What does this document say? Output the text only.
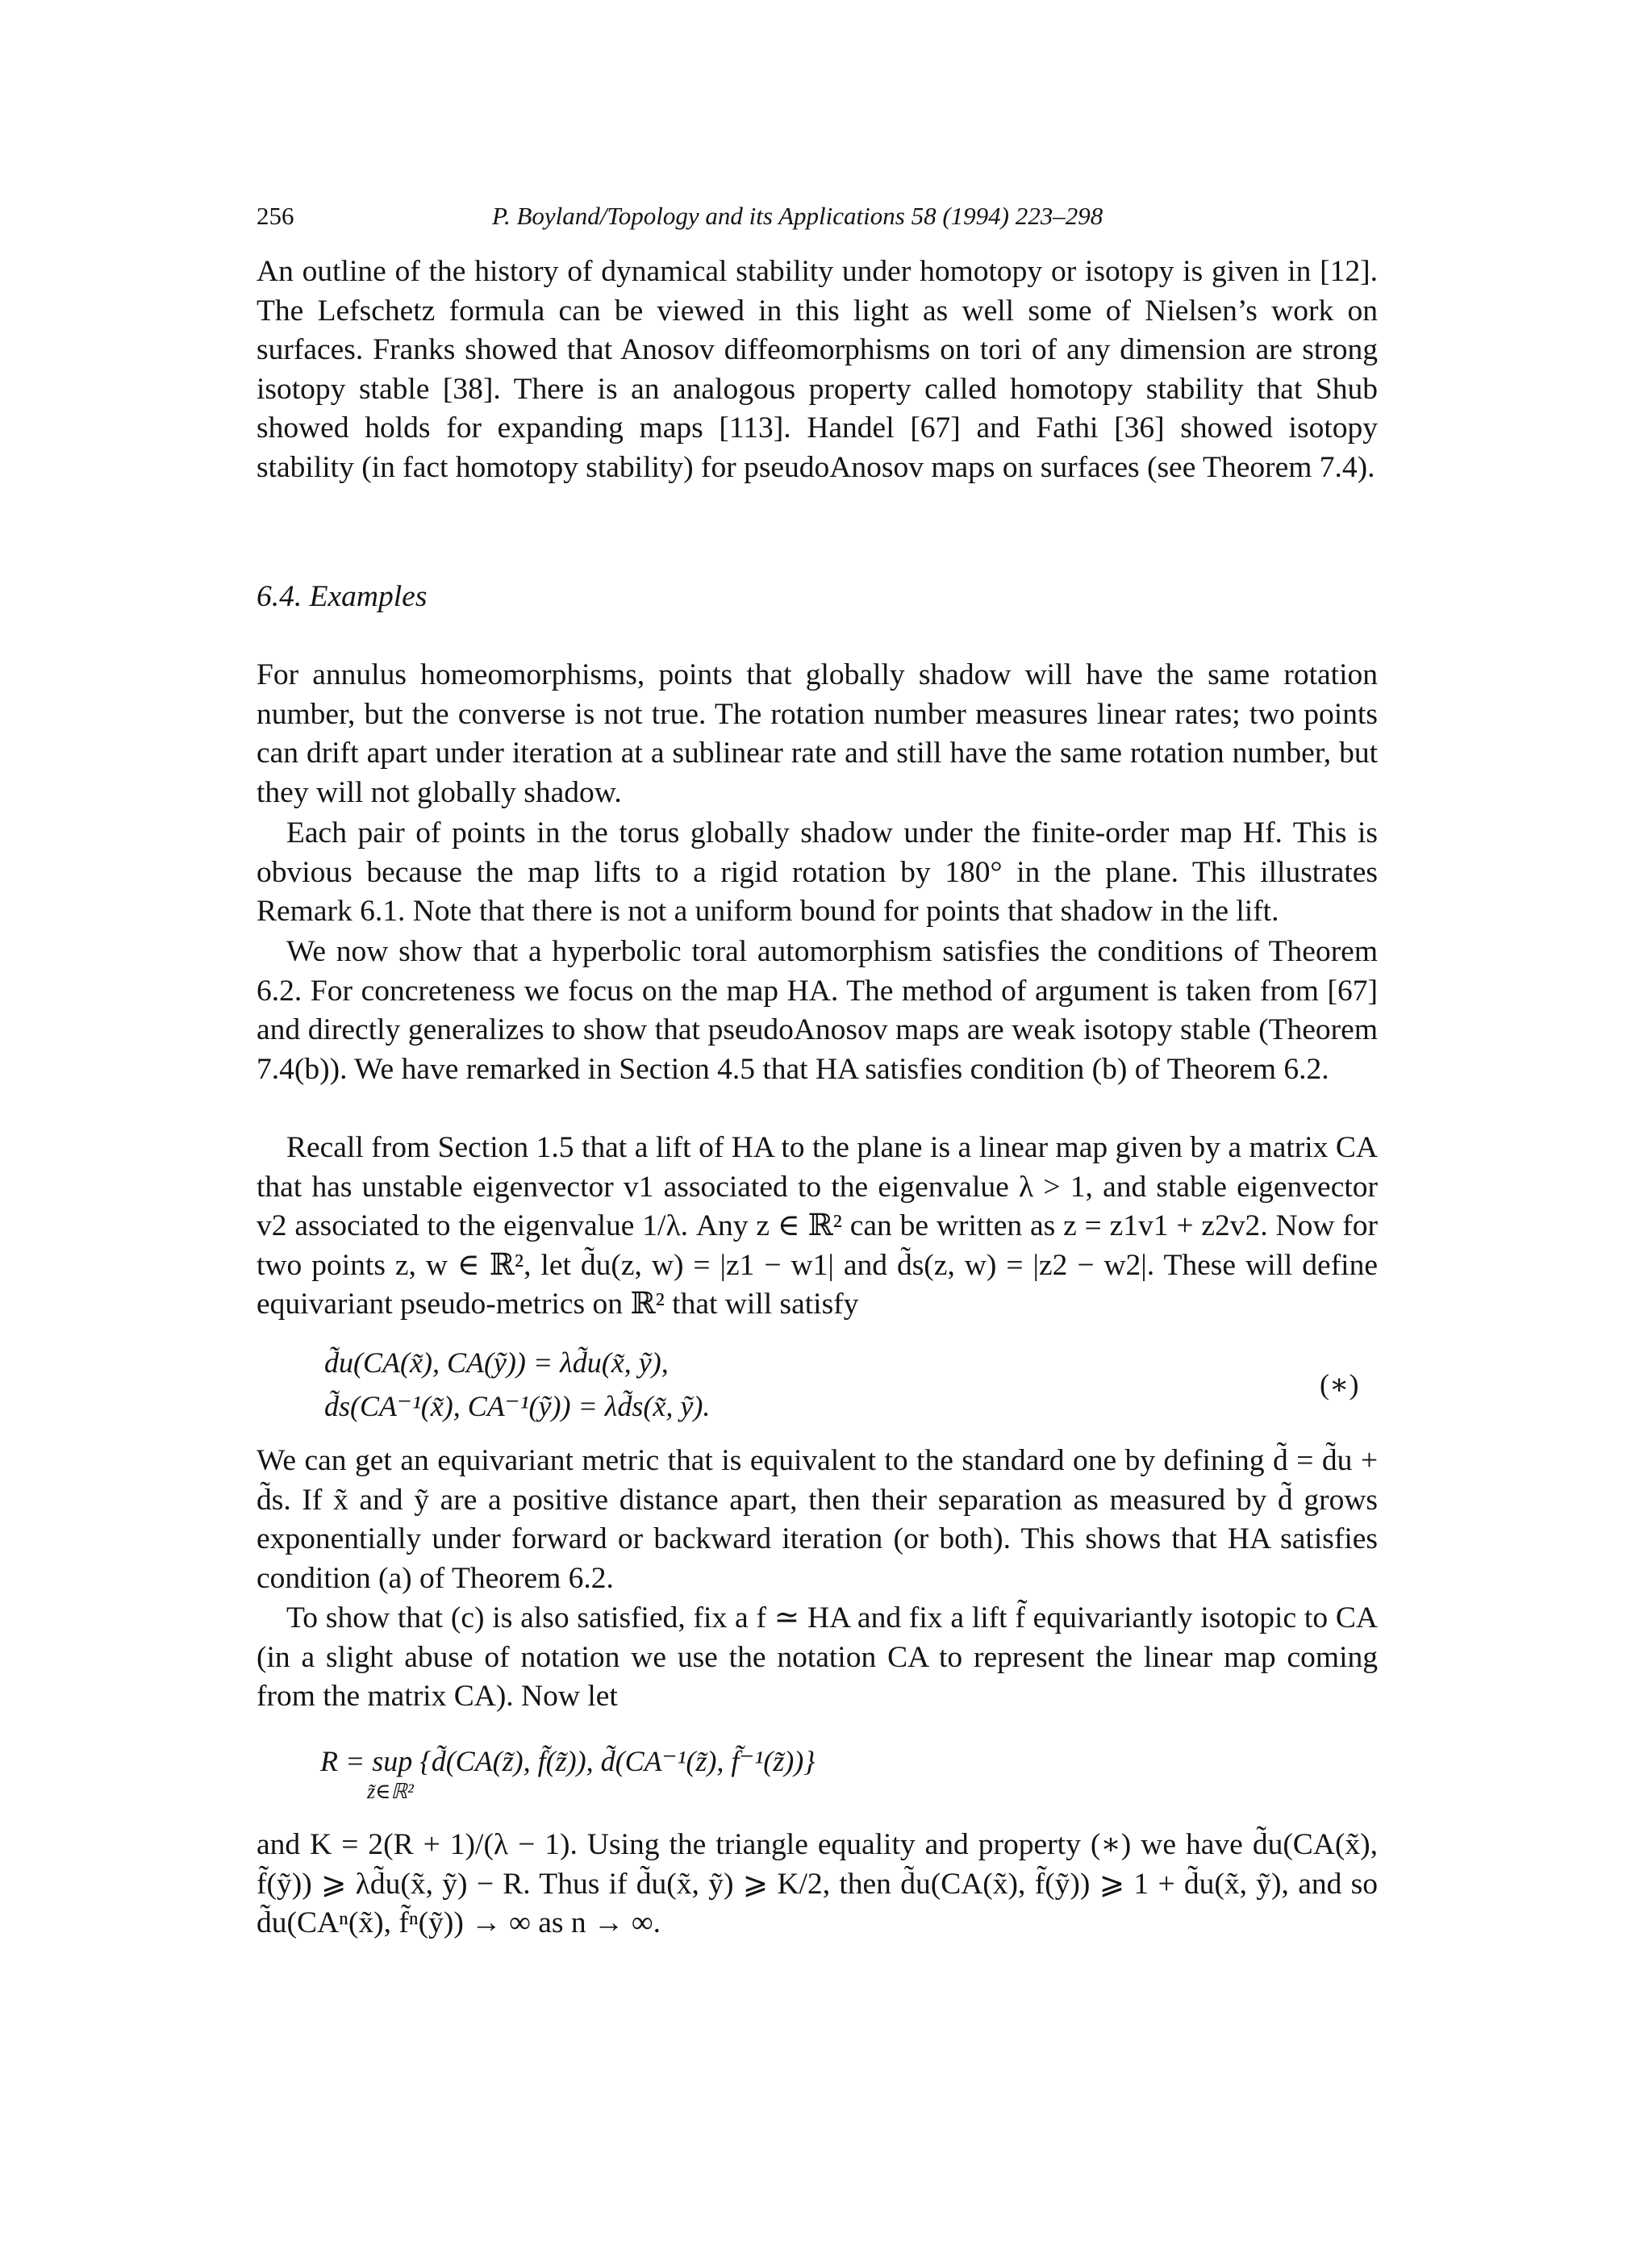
256	P. Boyland/Topology and its Applications 58 (1994) 223–298

An outline of the history of dynamical stability under homotopy or isotopy is given in [12]. The Lefschetz formula can be viewed in this light as well some of Nielsen’s work on surfaces. Franks showed that Anosov diffeomorphisms on tori of any dimension are strong isotopy stable [38]. There is an analogous property called homotopy stability that Shub showed holds for expanding maps [113]. Handel [67] and Fathi [36] showed isotopy stability (in fact homotopy stability) for pseudoAnosov maps on surfaces (see Theorem 7.4).

6.4. Examples

For annulus homeomorphisms, points that globally shadow will have the same rotation number, but the converse is not true. The rotation number measures linear rates; two points can drift apart under iteration at a sublinear rate and still have the same rotation number, but they will not globally shadow.

Each pair of points in the torus globally shadow under the finite-order map Hf. This is obvious because the map lifts to a rigid rotation by 180° in the plane. This illustrates Remark 6.1. Note that there is not a uniform bound for points that shadow in the lift.

We now show that a hyperbolic toral automorphism satisfies the conditions of Theorem 6.2. For concreteness we focus on the map HA. The method of argument is taken from [67] and directly generalizes to show that pseudoAnosov maps are weak isotopy stable (Theorem 7.4(b)). We have remarked in Section 4.5 that HA satisfies condition (b) of Theorem 6.2.

Recall from Section 1.5 that a lift of HA to the plane is a linear map given by a matrix CA that has unstable eigenvector v1 associated to the eigenvalue λ > 1, and stable eigenvector v2 associated to the eigenvalue 1/λ. Any z ∈ ℝ² can be written as z = z1v1 + z2v2. Now for two points z, w ∈ ℝ², let d̃u(z, w) = |z1 − w1| and d̃s(z, w) = |z2 − w2|. These will define equivariant pseudo-metrics on ℝ² that will satisfy

d̃u(CA(x̃), CA(ỹ)) = λd̃u(x̃, ỹ),
d̃s(CA⁻¹(x̃), CA⁻¹(ỹ)) = λd̃s(x̃, ỹ).
(∗)

We can get an equivariant metric that is equivalent to the standard one by defining d̃ = d̃u + d̃s. If x̃ and ỹ are a positive distance apart, then their separation as measured by d̃ grows exponentially under forward or backward iteration (or both). This shows that HA satisfies condition (a) of Theorem 6.2.

To show that (c) is also satisfied, fix a f ≃ HA and fix a lift f̃ equivariantly isotopic to CA (in a slight abuse of notation we use the notation CA to represent the linear map coming from the matrix CA). Now let

R = sup {d̃(CA(z̃), f̃(z̃)), d̃(CA⁻¹(z̃), f̃⁻¹(z̃))}
z̃∈ℝ²

and K = 2(R + 1)/(λ − 1). Using the triangle equality and property (∗) we have d̃u(CA(x̃), f̃(ỹ)) ⩾ λd̃u(x̃, ỹ) − R. Thus if d̃u(x̃, ỹ) ⩾ K/2, then d̃u(CA(x̃), f̃(ỹ)) ⩾ 1 + d̃u(x̃, ỹ), and so d̃u(CAⁿ(x̃), f̃ⁿ(ỹ)) → ∞ as n → ∞.
